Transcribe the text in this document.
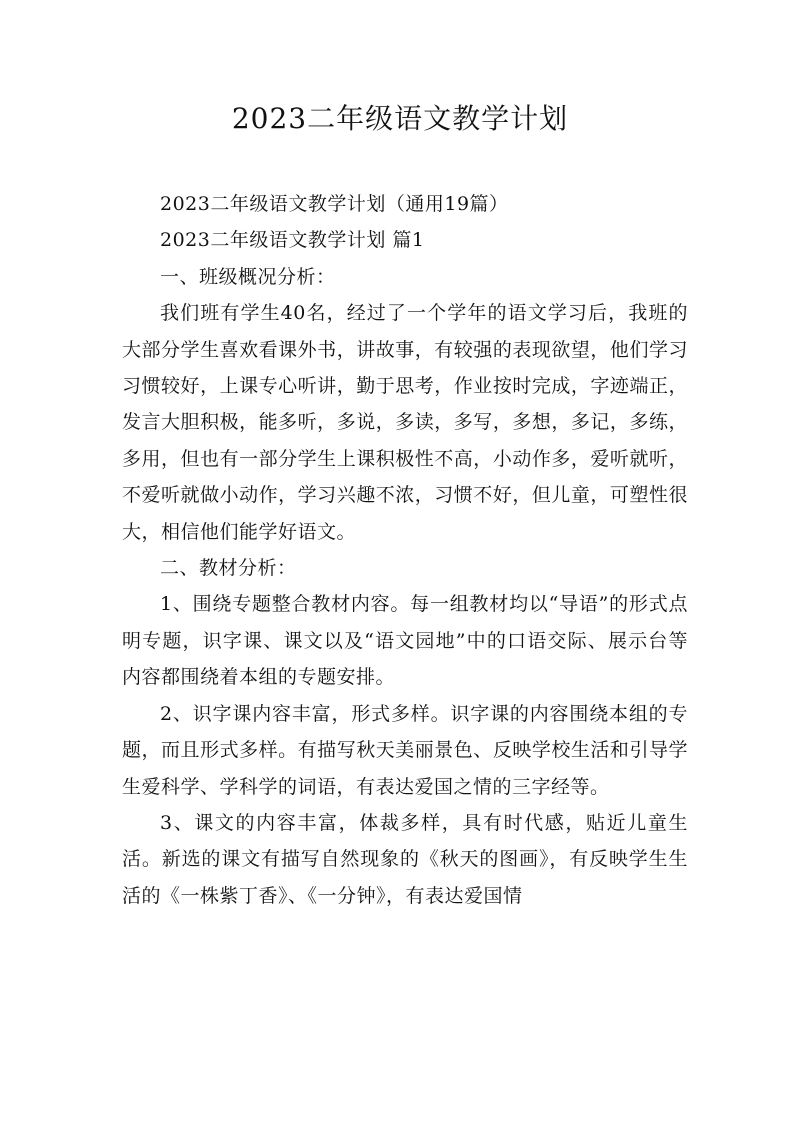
2023二年级语文教学计划

2023二年级语文教学计划（通用19篇）

2023二年级语文教学计划 篇1

一、班级概况分析：

我们班有学生40名，经过了一个学年的语文学习后，我班的大部分学生喜欢看课外书，讲故事，有较强的表现欲望，他们学习习惯较好，上课专心听讲，勤于思考，作业按时完成，字迹端正，发言大胆积极，能多听，多说，多读，多写，多想，多记，多练，多用，但也有一部分学生上课积极性不高，小动作多，爱听就听，不爱听就做小动作，学习兴趣不浓，习惯不好，但儿童，可塑性很大，相信他们能学好语文。

二、教材分析：

1、围绕专题整合教材内容。每一组教材均以“导语”的形式点明专题，识字课、课文以及“语文园地”中的口语交际、展示台等内容都围绕着本组的专题安排。

2、识字课内容丰富，形式多样。识字课的内容围绕本组的专题，而且形式多样。有描写秋天美丽景色、反映学校生活和引导学生爱科学、学科学的词语，有表达爱国之情的三字经等。

3、课文的内容丰富，体裁多样，具有时代感，贴近儿童生活。新选的课文有描写自然现象的《秋天的图画》，有反映学生生活的《一株紫丁香》、《一分钟》，有表达爱国情
